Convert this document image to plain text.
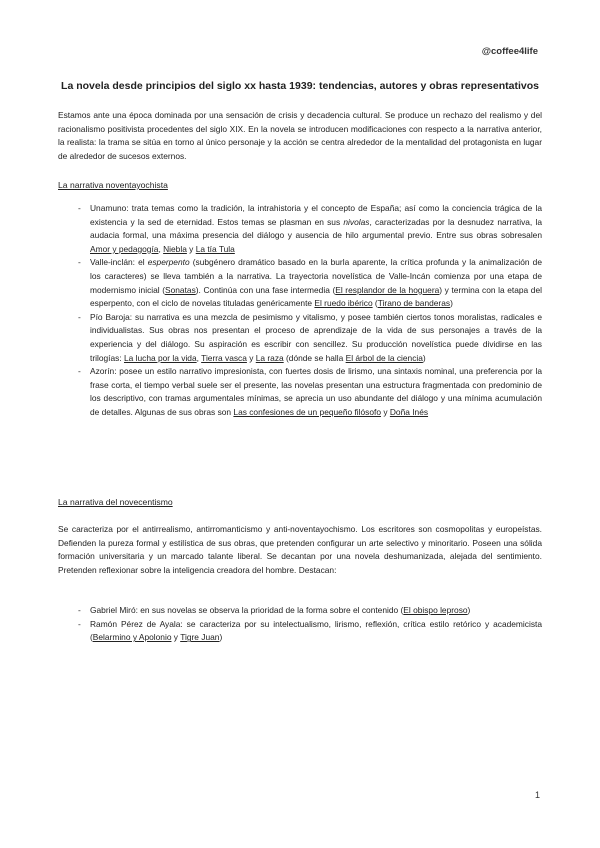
@coffee4life
La novela desde principios del siglo xx hasta 1939: tendencias, autores y obras representativos

Estamos ante una época dominada por una sensación de crisis y decadencia cultural. Se produce un rechazo del realismo y del racionalismo positivista procedentes del siglo XIX. En la novela se introducen modificaciones con respecto a la narrativa anterior, la realista: la trama se sitúa en torno al único personaje y la acción se centra alrededor de la mentalidad del protagonista en lugar de alrededor de sucesos externos.

La narrativa noventayochista
- Unamuno: trata temas como la tradición, la intrahistoria y el concepto de España; así como la conciencia trágica de la existencia y la sed de eternidad. Estos temas se plasman en sus nivolas, caracterizadas por la desnudez narrativa, la audacia formal, una máxima presencia del diálogo y ausencia de hilo argumental previo. Entre sus obras sobresalen Amor y pedagogía, Niebla y La tía Tula
- Valle-inclán: el esperpento (subgénero dramático basado en la burla aparente, la crítica profunda y la animalización de los caracteres) se lleva también a la narrativa. La trayectoria novelística de Valle-Incán comienza por una etapa de modernismo inicial (Sonatas). Continúa con una fase intermedia (El resplandor de la hoguera) y termina con la etapa del esperpento, con el ciclo de novelas tituladas genéricamente El ruedo ibérico (Tirano de banderas)
- Pío Baroja: su narrativa es una mezcla de pesimismo y vitalismo, y posee también ciertos tonos moralistas, radicales e individualistas. Sus obras nos presentan el proceso de aprendizaje de la vida de sus personajes a través de la experiencia y del diálogo. Su aspiración es escribir con sencillez. Su producción novelística puede dividirse en las trilogías: La lucha por la vida, Tierra vasca y La raza (dónde se halla El árbol de la ciencia)
- Azorín: posee un estilo narrativo impresionista, con fuertes dosis de lirismo, una sintaxis nominal, una preferencia por la frase corta, el tiempo verbal suele ser el presente, las novelas presentan una estructura fragmentada con predominio de los descriptivo, con tramas argumentales mínimas, se aprecia un uso abundante del diálogo y una mínima acumulación de detalles. Algunas de sus obras son Las confesiones de un pequeño filósofo y Doña Inés
La narrativa del novecentismo

Se caracteriza por el antirrealismo, antirromanticismo y anti-noventayochismo. Los escritores son cosmopolitas y europeístas. Defienden la pureza formal y estilística de sus obras, que pretenden configurar un arte selectivo y minoritario. Poseen una sólida formación universitaria y un marcado talante liberal. Se decantan por una novela deshumanizada, alejada del sentimiento. Pretenden reflexionar sobre la inteligencia creadora del hombre. Destacan:

- Gabriel Miró: en sus novelas se observa la prioridad de la forma sobre el contenido (El obispo leproso)
- Ramón Pérez de Ayala: se caracteriza por su intelectualismo, lirismo, reflexión, crítica estilo retórico y academicista (Belarmino y Apolonio y Tigre Juan)
1
